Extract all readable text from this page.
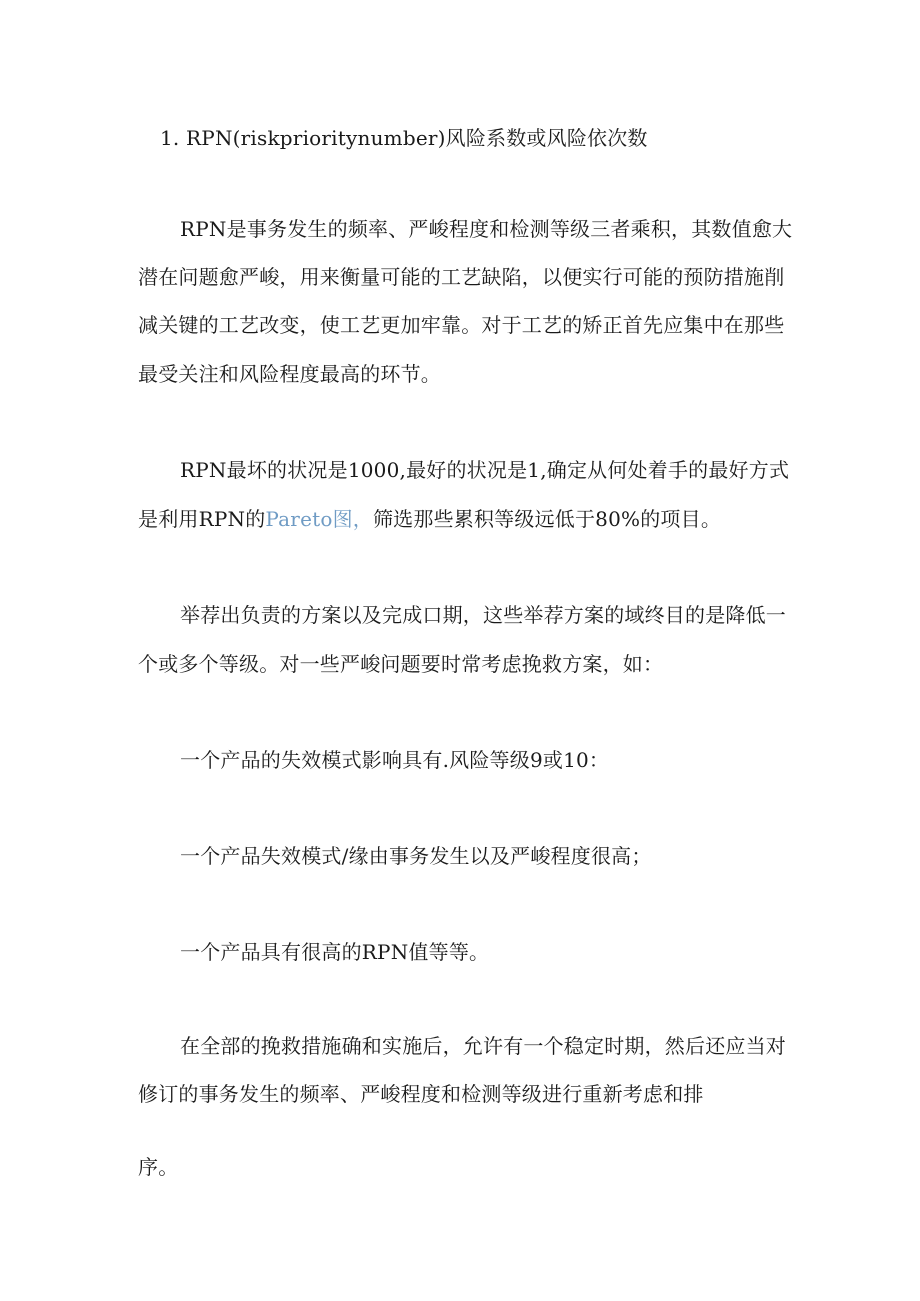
1. RPN(riskprioritynumber)风险系数或风险依次数
RPN是事务发生的频率、严峻程度和检测等级三者乘积，其数值愈大
潜在问题愈严峻，用来衡量可能的工艺缺陷，以便实行可能的预防措施削
减关键的工艺改变，使工艺更加牢靠。对于工艺的矫正首先应集中在那些
最受关注和风险程度最高的环节。
RPN最坏的状况是1000,最好的状况是1,确定从何处着手的最好方式
是利用RPN的Pareto图，筛选那些累积等级远低于80%的项目。
举荐出负责的方案以及完成口期，这些举荐方案的域终目的是降低一
个或多个等级。对一些严峻问题要时常考虑挽救方案，如：
一个产品的失效模式影响具有.风险等级9或10：
一个产品失效模式/缘由事务发生以及严峻程度很高；
一个产品具有很高的RPN值等等。
在全部的挽救措施确和实施后，允许有一个稳定时期，然后还应当对
修订的事务发生的频率、严峻程度和检测等级进行重新考虑和排
序。
